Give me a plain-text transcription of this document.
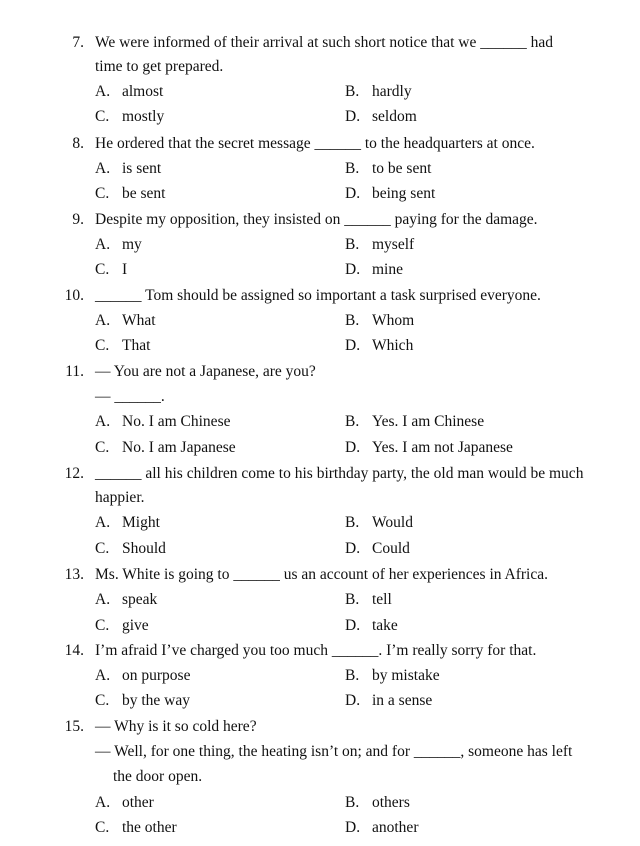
7. We were informed of their arrival at such short notice that we ______ had
time to get prepared.
A. almost	B. hardly
C. mostly	D. seldom
8. He ordered that the secret message ______ to the headquarters at once.
A. is sent	B. to be sent
C. be sent	D. being sent
9. Despite my opposition, they insisted on ______ paying for the damage.
A. my	B. myself
C. I	D. mine
10. ______ Tom should be assigned so important a task surprised everyone.
A. What	B. Whom
C. That	D. Which
11. — You are not a Japanese, are you?
— ______.
A. No. I am Chinese	B. Yes. I am Chinese
C. No. I am Japanese	D. Yes. I am not Japanese
12. ______ all his children come to his birthday party, the old man would be much
happier.
A. Might	B. Would
C. Should	D. Could
13. Ms. White is going to ______ us an account of her experiences in Africa.
A. speak	B. tell
C. give	D. take
14. I’m afraid I’ve charged you too much ______. I’m really sorry for that.
A. on purpose	B. by mistake
C. by the way	D. in a sense
15. — Why is it so cold here?
— Well, for one thing, the heating isn’t on; and for ______, someone has left
the door open.
A. other	B. others
C. the other	D. another
